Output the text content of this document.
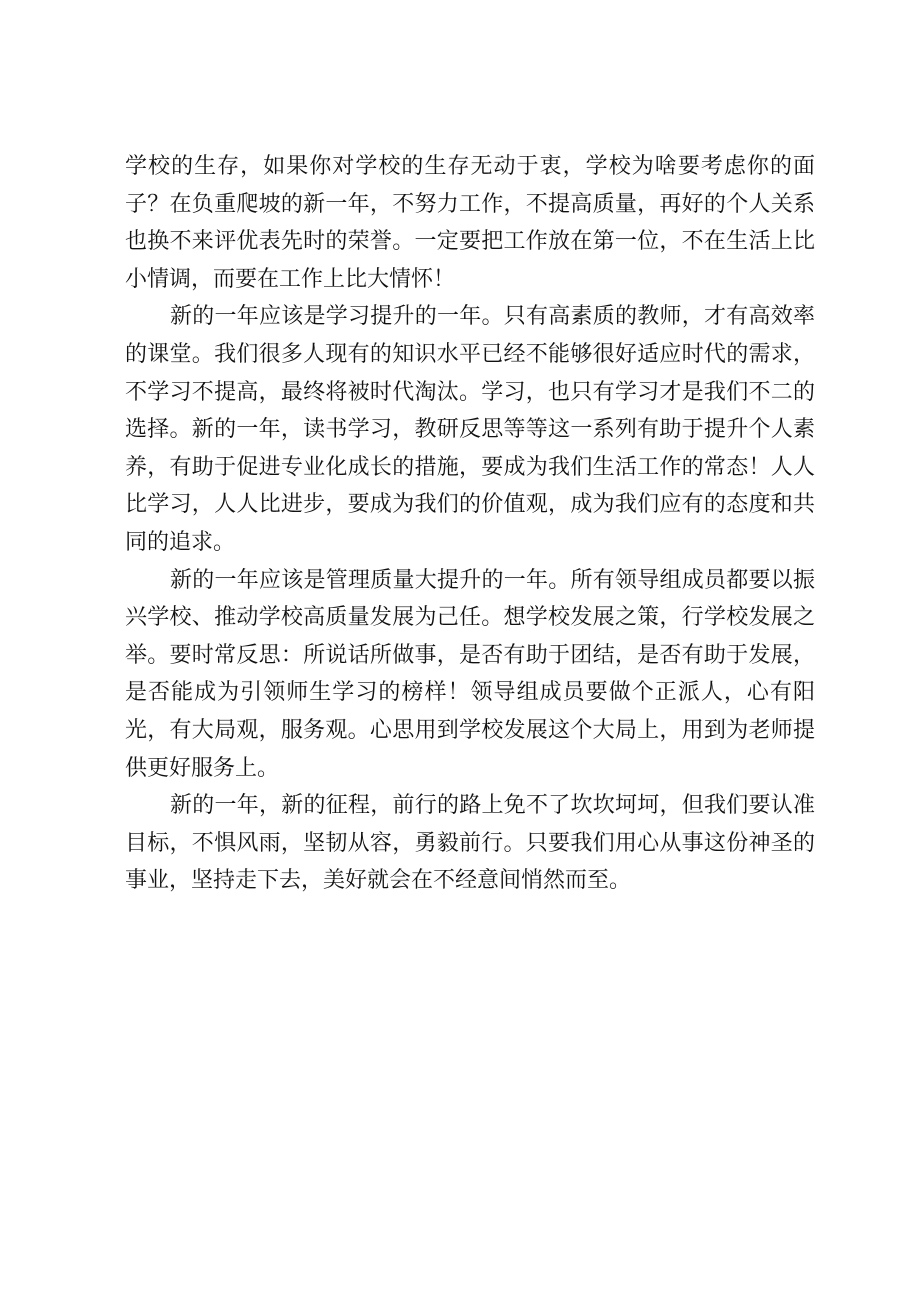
学校的生存，如果你对学校的生存无动于衷，学校为啥要考虑你的面子？在负重爬坡的新一年，不努力工作，不提高质量，再好的个人关系也换不来评优表先时的荣誉。一定要把工作放在第一位，不在生活上比小情调，而要在工作上比大情怀！

新的一年应该是学习提升的一年。只有高素质的教师，才有高效率的课堂。我们很多人现有的知识水平已经不能够很好适应时代的需求，不学习不提高，最终将被时代淘汰。学习，也只有学习才是我们不二的选择。新的一年，读书学习，教研反思等等这一系列有助于提升个人素养，有助于促进专业化成长的措施，要成为我们生活工作的常态！人人比学习，人人比进步，要成为我们的价值观，成为我们应有的态度和共同的追求。

新的一年应该是管理质量大提升的一年。所有领导组成员都要以振兴学校、推动学校高质量发展为己任。想学校发展之策，行学校发展之举。要时常反思：所说话所做事，是否有助于团结，是否有助于发展，是否能成为引领师生学习的榜样！领导组成员要做个正派人，心有阳光，有大局观，服务观。心思用到学校发展这个大局上，用到为老师提供更好服务上。

新的一年，新的征程，前行的路上免不了坎坎坷坷，但我们要认准目标，不惧风雨，坚韧从容，勇毅前行。只要我们用心从事这份神圣的事业，坚持走下去，美好就会在不经意间悄然而至。
